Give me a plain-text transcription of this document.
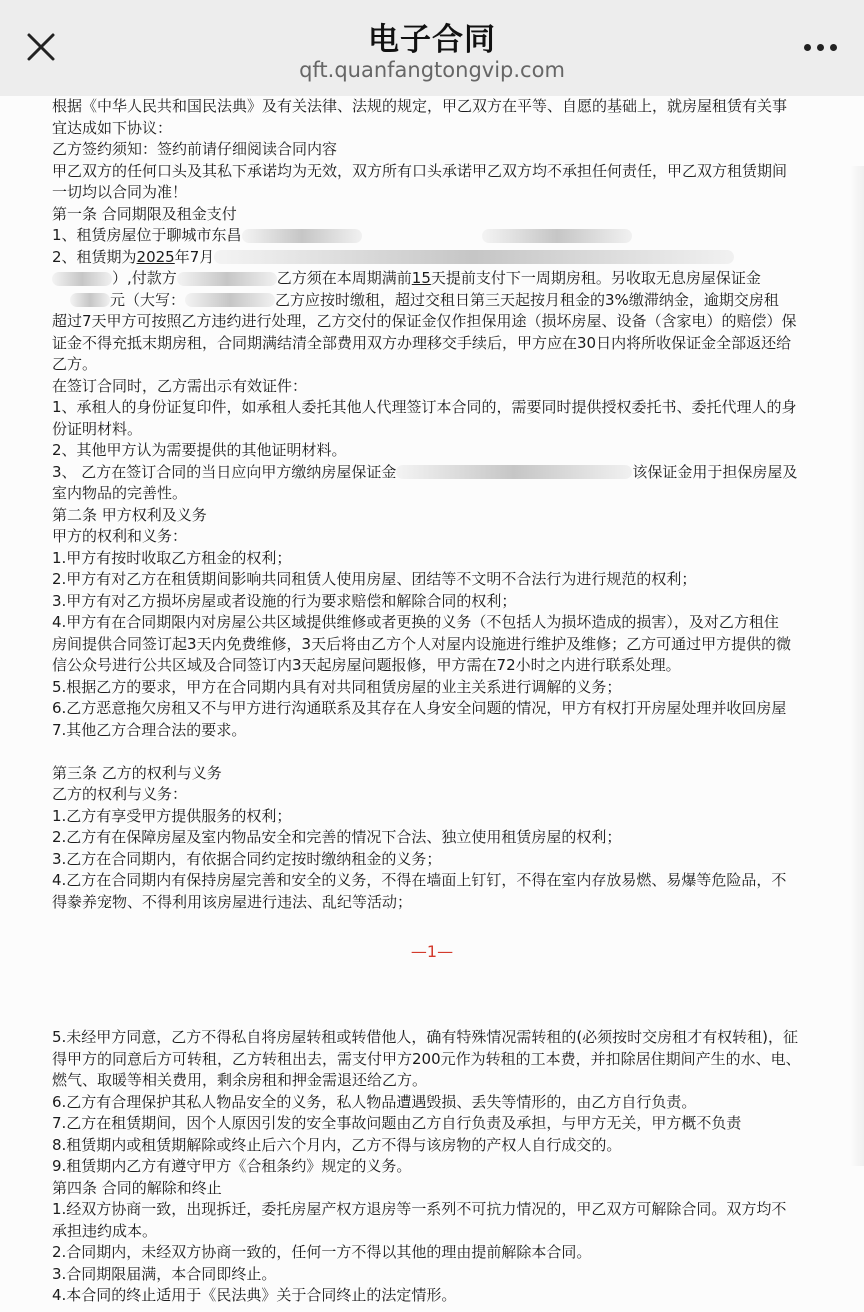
电子合同
qft.quanfangtongvip.com

根据《中华人民共和国民法典》及有关法律、法规的规定，甲乙双方在平等、自愿的基础上，就房屋租赁有关事

宜达成如下协议：

乙方签约须知：签约前请仔细阅读合同内容

甲乙双方的任何口头及其私下承诺均为无效，双方所有口头承诺甲乙双方均不承担任何责任，甲乙双方租赁期间

一切均以合同为准！

第一条 合同期限及租金支付

1、租赁房屋位于聊城市东昌

2、租赁期为2025年7月

）,付款方	乙方须在本周期满前15天提前支付下一周期房租。另收取无息房屋保证金

元（大写：	乙方应按时缴租，超过交租日第三天起按月租金的3%缴滞纳金，逾期交房租

超过7天甲方可按照乙方违约进行处理，乙方交付的保证金仅作担保用途（损坏房屋、设备（含家电）的赔偿）保

证金不得充抵末期房租，合同期满结清全部费用双方办理移交手续后，甲方应在30日内将所收保证金全部返还给

乙方。

在签订合同时，乙方需出示有效证件：

1、承租人的身份证复印件，如承租人委托其他人代理签订本合同的，需要同时提供授权委托书、委托代理人的身

份证明材料。

2、其他甲方认为需要提供的其他证明材料。

3、 乙方在签订合同的当日应向甲方缴纳房屋保证金	该保证金用于担保房屋及

室内物品的完善性。

第二条 甲方权利及义务

甲方的权利和义务：

1.甲方有按时收取乙方租金的权利；

2.甲方有对乙方在租赁期间影响共同租赁人使用房屋、团结等不文明不合法行为进行规范的权利；

3.甲方有对乙方损坏房屋或者设施的行为要求赔偿和解除合同的权利；

4.甲方有在合同期限内对房屋公共区域提供维修或者更换的义务（不包括人为损坏造成的损害），及对乙方租住

房间提供合同签订起3天内免费维修，3天后将由乙方个人对屋内设施进行维护及维修；乙方可通过甲方提供的微

信公众号进行公共区域及合同签订内3天起房屋问题报修，甲方需在72小时之内进行联系处理。

5.根据乙方的要求，甲方在合同期内具有对共同租赁房屋的业主关系进行调解的义务；

6.乙方恶意拖欠房租又不与甲方进行沟通联系及其存在人身安全问题的情况，甲方有权打开房屋处理并收回房屋

7.其他乙方合理合法的要求。

第三条 乙方的权利与义务

乙方的权利与义务：

1.乙方有享受甲方提供服务的权利；

2.乙方有在保障房屋及室内物品安全和完善的情况下合法、独立使用租赁房屋的权利；

3.乙方在合同期内，有依据合同约定按时缴纳租金的义务；

4.乙方在合同期内有保持房屋完善和安全的义务，不得在墙面上钉钉，不得在室内存放易燃、易爆等危险品，不

得豢养宠物、不得利用该房屋进行违法、乱纪等活动；

—1—

5.未经甲方同意，乙方不得私自将房屋转租或转借他人，确有特殊情况需转租的(必须按时交房租才有权转租)，征

得甲方的同意后方可转租，乙方转租出去，需支付甲方200元作为转租的工本费，并扣除居住期间产生的水、电、

燃气、取暖等相关费用，剩余房租和押金需退还给乙方。

6.乙方有合理保护其私人物品安全的义务，私人物品遭遇毁损、丢失等情形的，由乙方自行负责。

7.乙方在租赁期间，因个人原因引发的安全事故问题由乙方自行负责及承担，与甲方无关，甲方概不负责

8.租赁期内或租赁期解除或终止后六个月内，乙方不得与该房物的产权人自行成交的。

9.租赁期内乙方有遵守甲方《合租条约》规定的义务。

第四条 合同的解除和终止

1.经双方协商一致，出现拆迁，委托房屋产权方退房等一系列不可抗力情况的，甲乙双方可解除合同。双方均不

承担违约成本。

2.合同期内，未经双方协商一致的，任何一方不得以其他的理由提前解除本合同。

3.合同期限届满，本合同即终止。

4.本合同的终止适用于《民法典》关于合同终止的法定情形。
